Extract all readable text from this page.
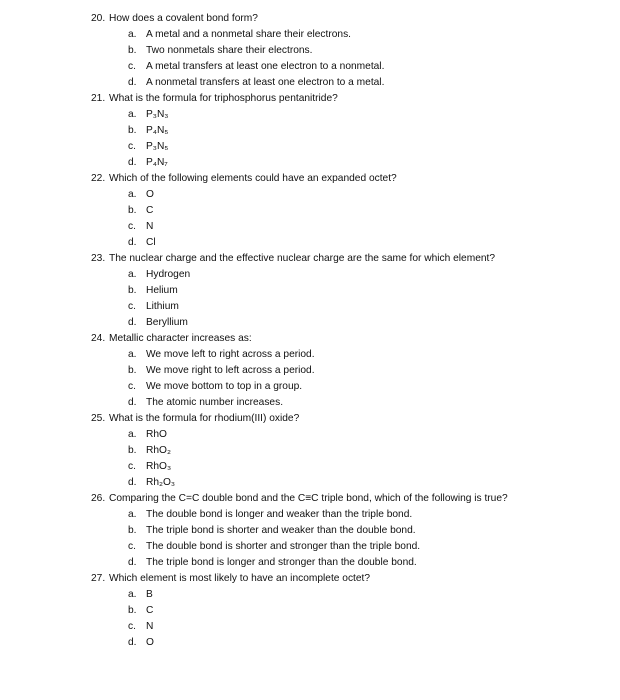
20. How does a covalent bond form?
a. A metal and a nonmetal share their electrons.
b. Two nonmetals share their electrons.
c. A metal transfers at least one electron to a nonmetal.
d. A nonmetal transfers at least one electron to a metal.
21. What is the formula for triphosphorus pentanitride?
a. P₃N₃
b. P₄N₅
c. P₃N₅
d. P₄N₇
22. Which of the following elements could have an expanded octet?
a. O
b. C
c. N
d. Cl
23. The nuclear charge and the effective nuclear charge are the same for which element?
a. Hydrogen
b. Helium
c. Lithium
d. Beryllium
24. Metallic character increases as:
a. We move left to right across a period.
b. We move right to left across a period.
c. We move bottom to top in a group.
d. The atomic number increases.
25. What is the formula for rhodium(III) oxide?
a. RhO
b. RhO₂
c. RhO₃
d. Rh₂O₃
26. Comparing the C=C double bond and the C≡C triple bond, which of the following is true?
a. The double bond is longer and weaker than the triple bond.
b. The triple bond is shorter and weaker than the double bond.
c. The double bond is shorter and stronger than the triple bond.
d. The triple bond is longer and stronger than the double bond.
27. Which element is most likely to have an incomplete octet?
a. B
b. C
c. N
d. O
